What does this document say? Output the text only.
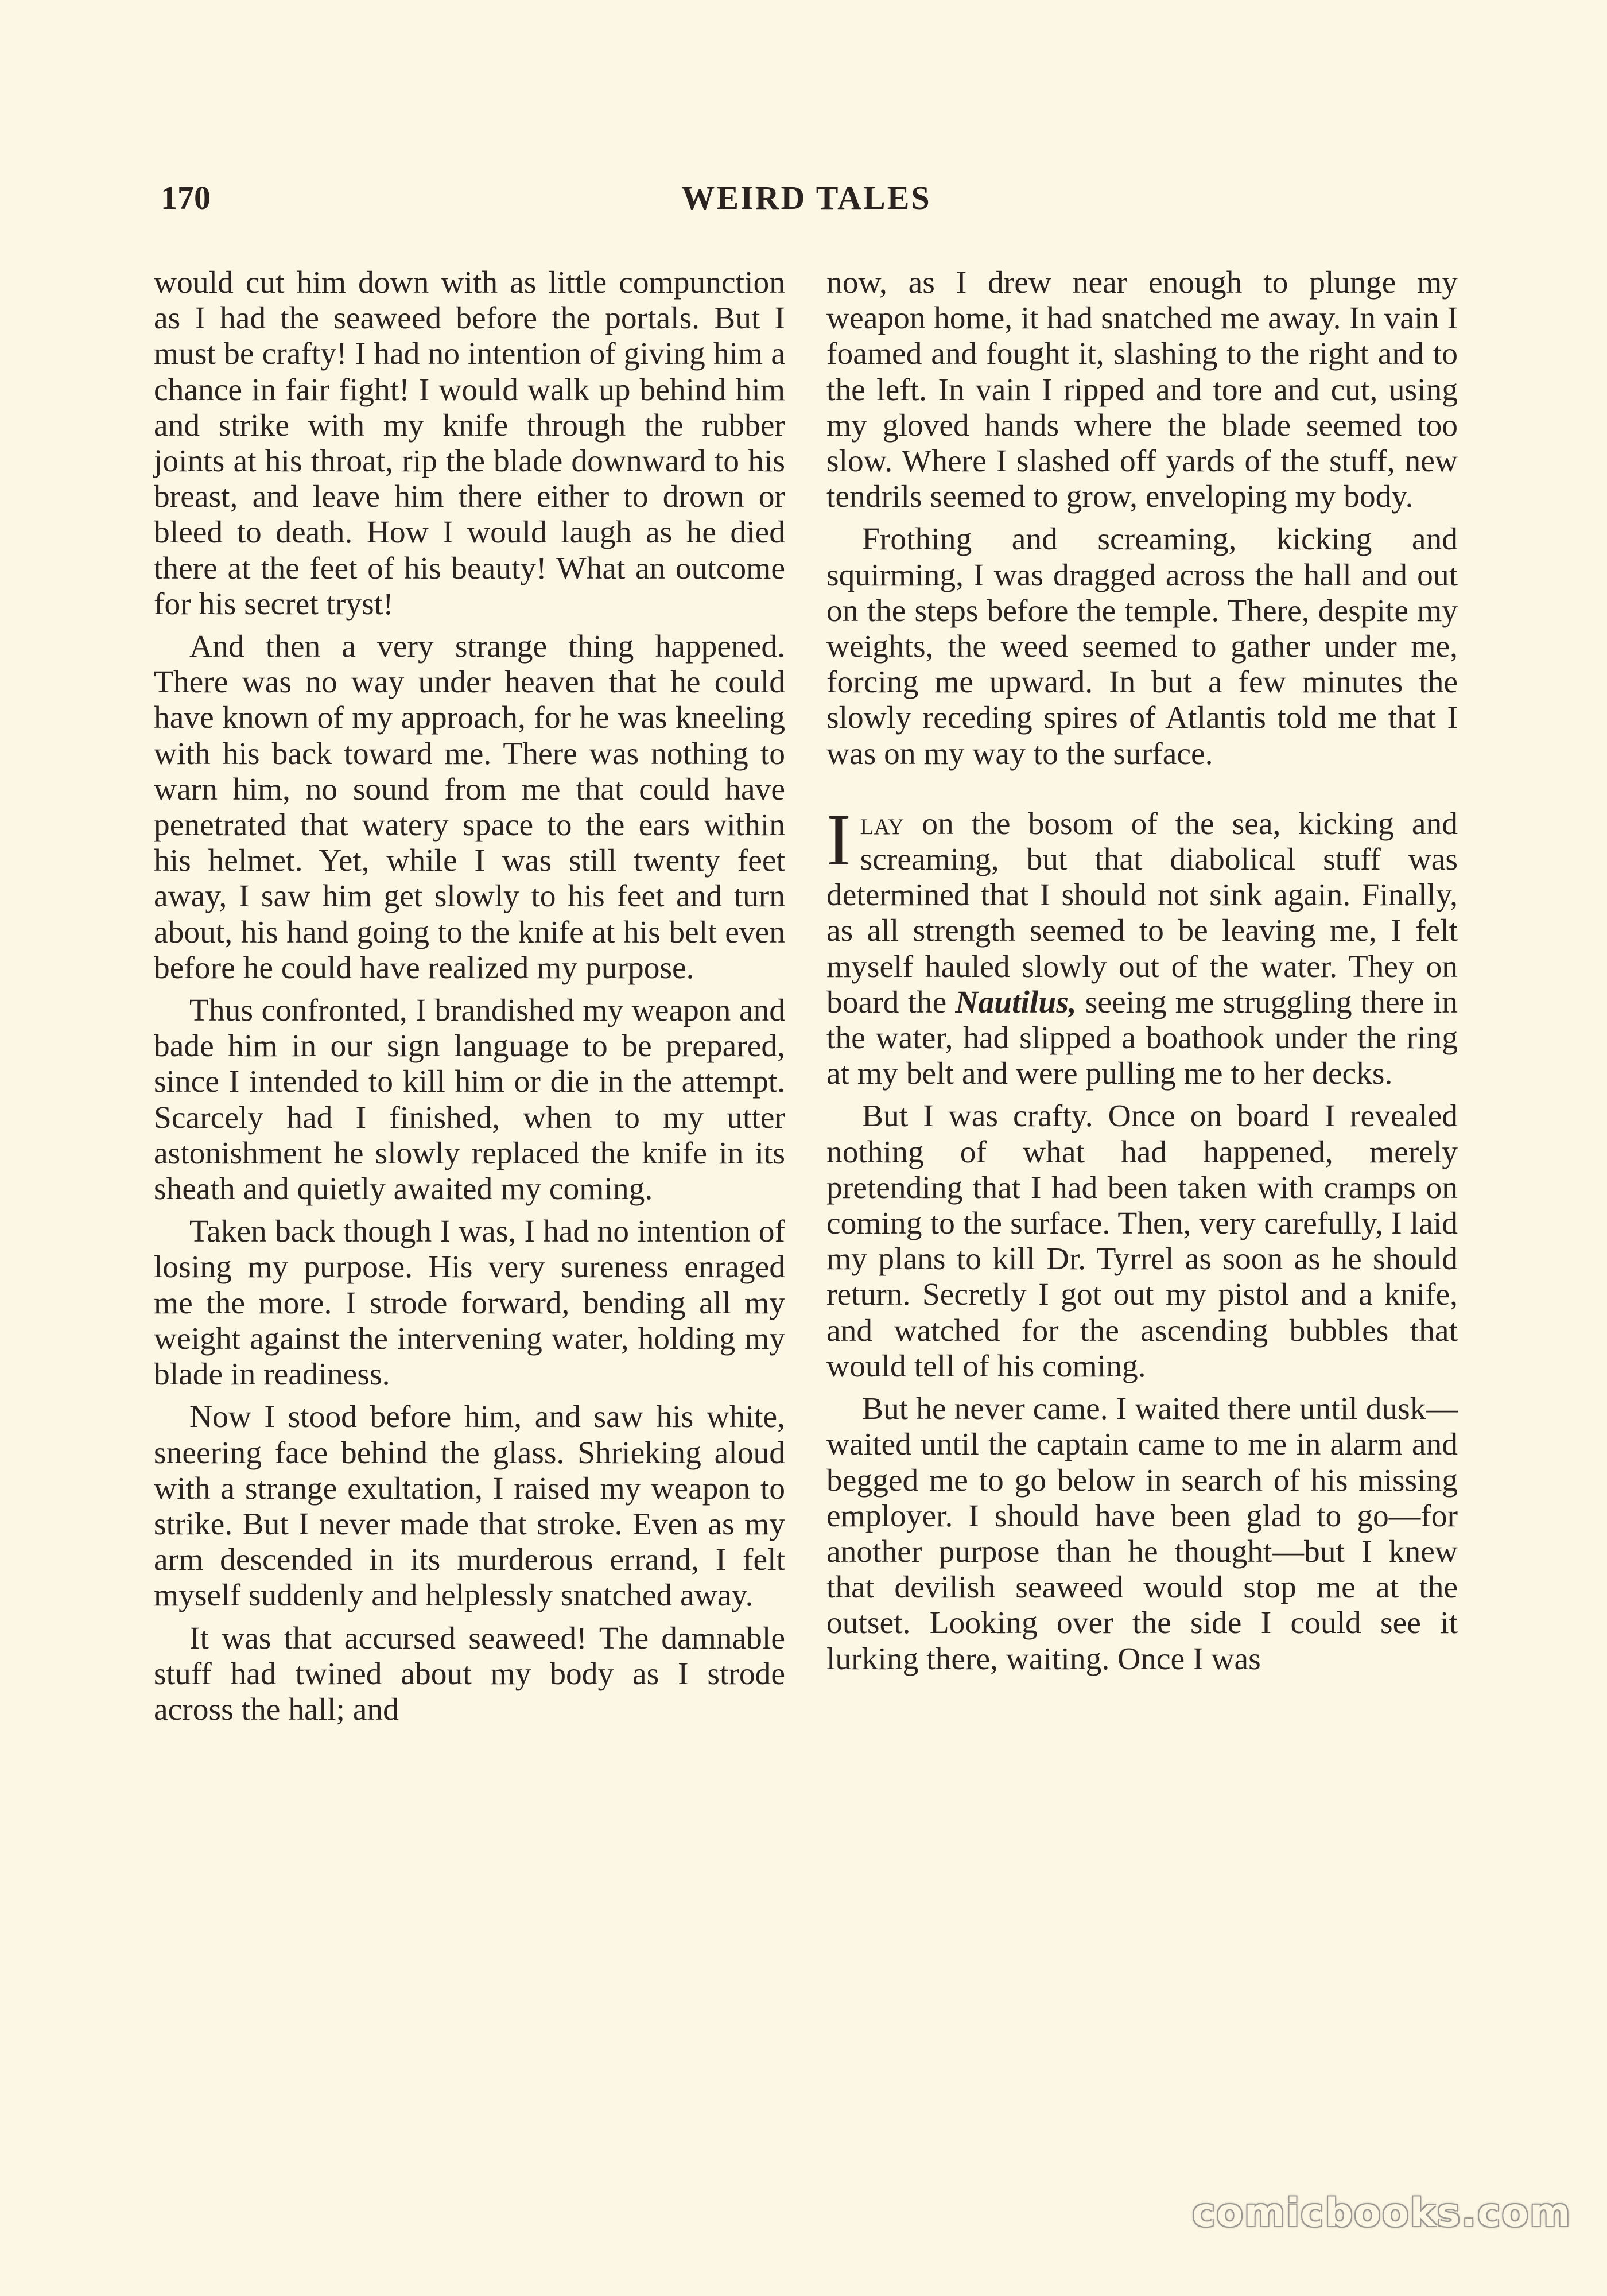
170	WEIRD TALES

would cut him down with as little compunction as I had the seaweed before the portals. But I must be crafty! I had no intention of giving him a chance in fair fight! I would walk up behind him and strike with my knife through the rubber joints at his throat, rip the blade downward to his breast, and leave him there either to drown or bleed to death. How I would laugh as he died there at the feet of his beauty! What an outcome for his secret tryst!

And then a very strange thing happened. There was no way under heaven that he could have known of my approach, for he was kneeling with his back toward me. There was nothing to warn him, no sound from me that could have penetrated that watery space to the ears within his helmet. Yet, while I was still twenty feet away, I saw him get slowly to his feet and turn about, his hand going to the knife at his belt even before he could have realized my purpose.

Thus confronted, I brandished my weapon and bade him in our sign language to be prepared, since I intended to kill him or die in the attempt. Scarcely had I finished, when to my utter astonishment he slowly replaced the knife in its sheath and quietly awaited my coming.

Taken back though I was, I had no intention of losing my purpose. His very sureness enraged me the more. I strode forward, bending all my weight against the intervening water, holding my blade in readiness.

Now I stood before him, and saw his white, sneering face behind the glass. Shrieking aloud with a strange exultation, I raised my weapon to strike. But I never made that stroke. Even as my arm descended in its murderous errand, I felt myself suddenly and helplessly snatched away.

It was that accursed seaweed! The damnable stuff had twined about my body as I strode across the hall; and

now, as I drew near enough to plunge my weapon home, it had snatched me away. In vain I foamed and fought it, slashing to the right and to the left. In vain I ripped and tore and cut, using my gloved hands where the blade seemed too slow. Where I slashed off yards of the stuff, new tendrils seemed to grow, enveloping my body.

Frothing and screaming, kicking and squirming, I was dragged across the hall and out on the steps before the temple. There, despite my weights, the weed seemed to gather under me, forcing me upward. In but a few minutes the slowly receding spires of Atlantis told me that I was on my way to the surface.

Ilay on the bosom of the sea, kicking and screaming, but that diabolical stuff was determined that I should not sink again. Finally, as all strength seemed to be leaving me, I felt myself hauled slowly out of the water. They on board the Nautilus, seeing me struggling there in the water, had slipped a boathook under the ring at my belt and were pulling me to her decks.

But I was crafty. Once on board I revealed nothing of what had happened, merely pretending that I had been taken with cramps on coming to the surface. Then, very carefully, I laid my plans to kill Dr. Tyrrel as soon as he should return. Secretly I got out my pistol and a knife, and watched for the ascending bubbles that would tell of his coming.

But he never came. I waited there until dusk—waited until the captain came to me in alarm and begged me to go below in search of his missing employer. I should have been glad to go—for another purpose than he thought—but I knew that devilish seaweed would stop me at the outset. Looking over the side I could see it lurking there, waiting. Once I was

comicbooks.com
